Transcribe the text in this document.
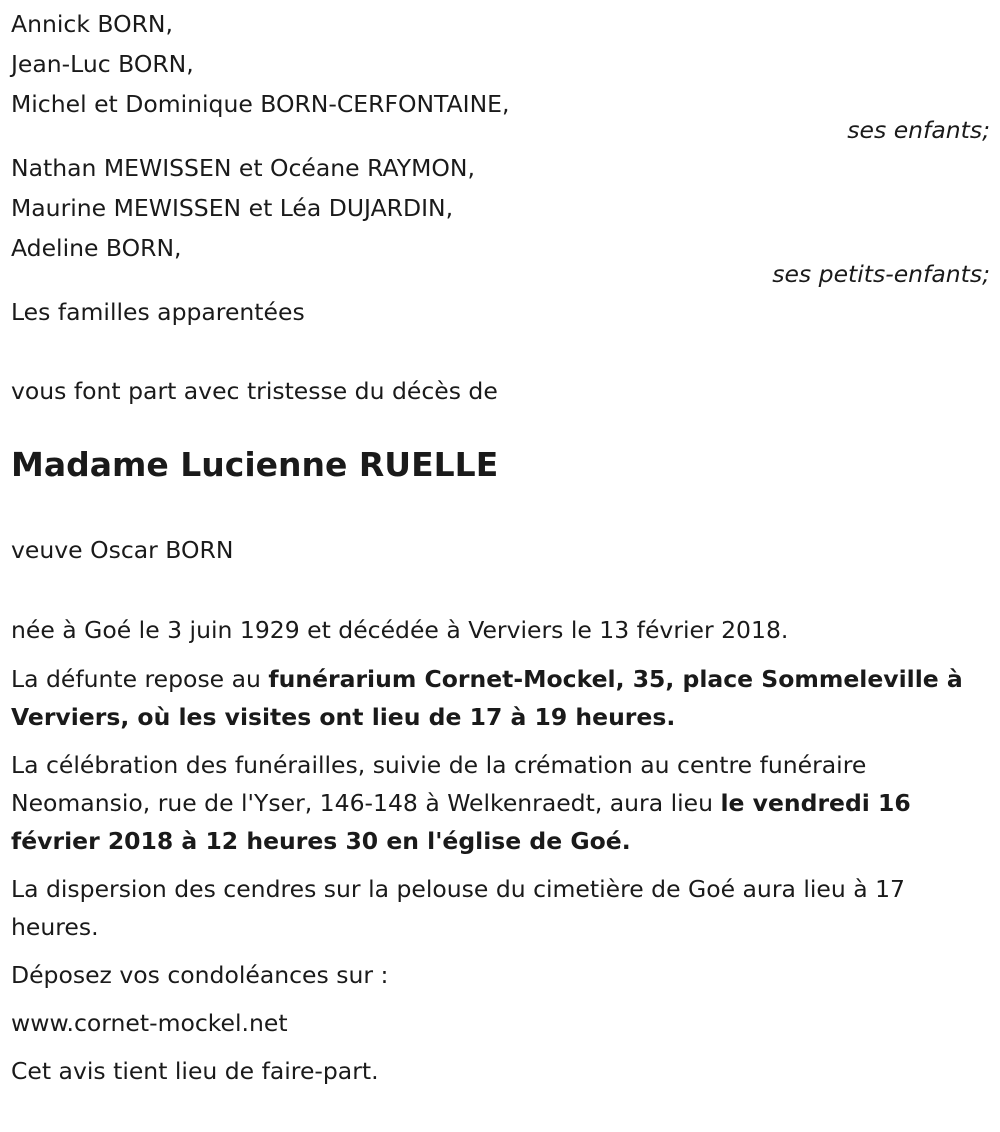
Annick BORN,

Jean-Luc BORN,

Michel et Dominique BORN-CERFONTAINE,

ses enfants;

Nathan MEWISSEN et Océane RAYMON,

Maurine MEWISSEN et Léa DUJARDIN,

Adeline BORN,

ses petits-enfants;

Les familles apparentées

vous font part avec tristesse du décès de

Madame Lucienne RUELLE

veuve Oscar BORN

née à Goé le 3 juin 1929 et décédée à Verviers le 13 février 2018.

La défunte repose au funérarium Cornet-Mockel, 35, place Sommeleville à Verviers, où les visites ont lieu de 17 à 19 heures.

La célébration des funérailles, suivie de la crémation au centre funéraire Neomansio, rue de l'Yser, 146-148 à Welkenraedt, aura lieu le vendredi 16 février 2018 à 12 heures 30 en l'église de Goé.

La dispersion des cendres sur la pelouse du cimetière de Goé aura lieu à 17 heures.

Déposez vos condoléances sur :

www.cornet-mockel.net

Cet avis tient lieu de faire-part.
